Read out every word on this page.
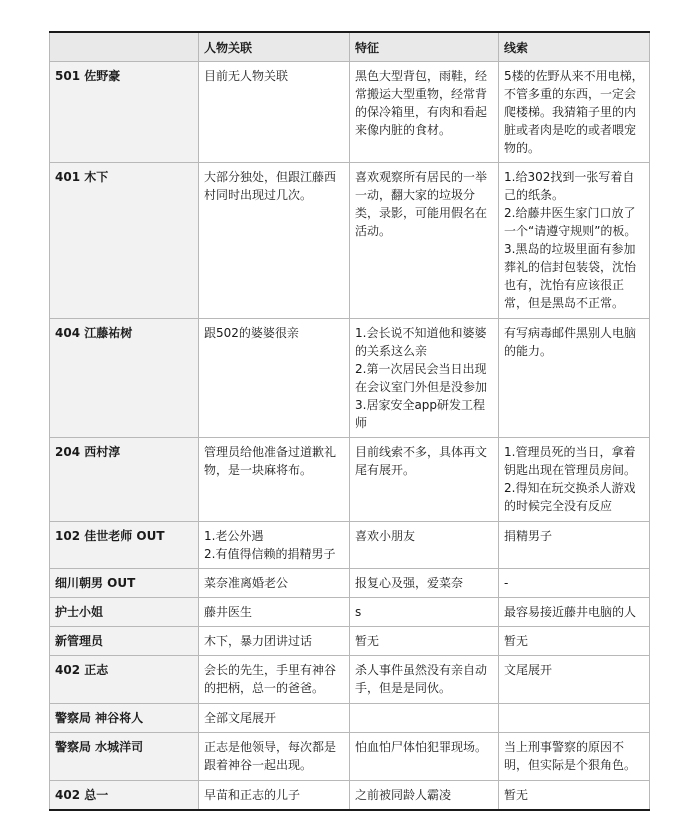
	人物关联	特征	线索
501 佐野豪	目前无人物关联	黑色大型背包，雨鞋，经常搬运大型重物，经常背的保冷箱里，有肉和看起来像内脏的食材。	5楼的佐野从来不用电梯，不管多重的东西，一定会爬楼梯。我猜箱子里的内脏或者肉是吃的或者喂宠物的。

401 木下	大部分独处，但跟江藤西村同时出现过几次。	喜欢观察所有居民的一举一动，翻大家的垃圾分类，录影，可能用假名在活动。	1.给302找到一张写着自己的纸条。
2.给藤井医生家门口放了一个“请遵守规则”的板。
3.黑岛的垃圾里面有参加葬礼的信封包装袋，沈怡也有，沈怡有应该很正常，但是黑岛不正常。

404 江藤祐树	跟502的婆婆很亲	1.会长说不知道他和婆婆的关系这么亲
2.第一次居民会当日出现在会议室门外但是没参加
3.居家安全app研发工程师	有写病毒邮件黑别人电脑的能力。

204 西村淳	管理员给他准备过道歉礼物，是一块麻将布。	目前线索不多，具体再文尾有展开。	1.管理员死的当日，拿着钥匙出现在管理员房间。
2.得知在玩交换杀人游戏的时候完全没有反应

102 佳世老师 OUT	1.老公外遇
2.有值得信赖的捐精男子	喜欢小朋友	捐精男子

细川朝男 OUT	菜奈准离婚老公	报复心及强，爱菜奈	-

护士小姐	藤井医生	s	最容易接近藤井电脑的人

新管理员	木下，暴力团讲过话	暂无	暂无

402 正志	会长的先生，手里有神谷的把柄，总一的爸爸。	杀人事件虽然没有亲自动手，但是是同伙。	文尾展开

警察局 神谷将人	全部文尾展开		

警察局 水城洋司	正志是他领导，每次都是跟着神谷一起出现。	怕血怕尸体怕犯罪现场。	当上刑事警察的原因不明，但实际是个狠角色。

402 总一	早苗和正志的儿子	之前被同龄人霸凌	暂无
